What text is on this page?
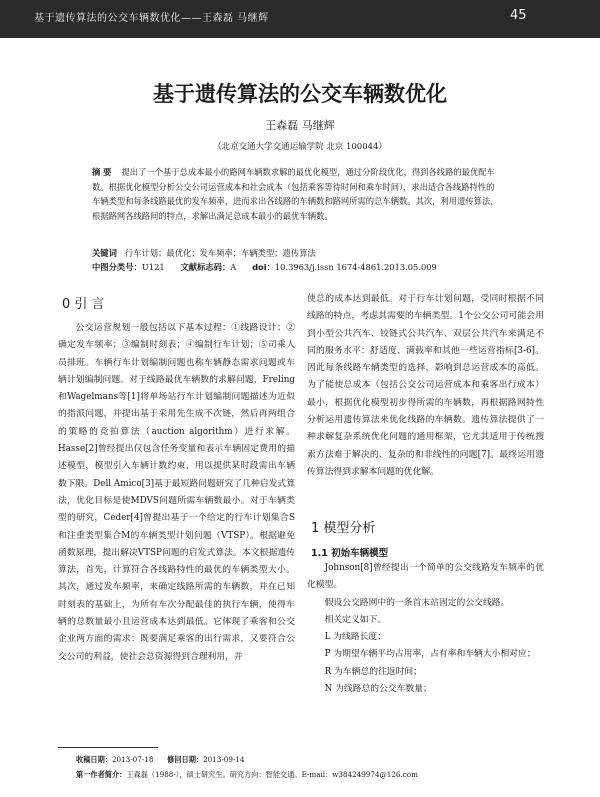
基于遗传算法的公交车辆数优化——王森磊 马继辉	45
基于遗传算法的公交车辆数优化
王森磊 马继辉
（北京交通大学交通运输学院 北京 100044）
摘 要 提出了一个基于总成本最小的路网车辆数求解的最优化模型，通过分阶段优化，得到各线路的最优配车数。根据优化模型分析公交公司运营成本和社会成本（包括乘客等待时间和乘车时间），求出适合各线路特性的车辆类型和每条线路最优的发车频率，进而求出各线路的车辆数和路网所需的总车辆数。其次，利用遗传算法，根据路网各线路间的特点，求解出满足总成本最小的最优车辆数。
关键词 行车计划；最优化；发车频率；车辆类型；遗传算法
中图分类号：U121 文献标志码：A doi：10.3963/j.issn 1674-4861.2013.05.009
0 引 言

公交运营规划一般包括以下基本过程：①线路设计；②确定发车频率；③编制时刻表；④编制行车计划；⑤司乘人员排班。车辆行车计划编制问题也称车辆静态需求问题或车辆计划编制问题。对于线路最优车辆数的求解问题，Freling和Wagelmans等[1]将单场站行车计划编制问题描述为近似的指派问题，并提出基于采用先生成不次链，然后再两组合的策略的竞拍算法（auction algorithm）进行求解。Hasse[2]曾经提出仅包含任务变量和表示车辆固定费用的描述模型，模型引入车辆计数约束，用以提供某时段需出车辆数下限。Dell Amico[3]基于最短路问题研究了几种启发式算法，优化目标是使MDVS问题所需车辆数最小。对于车辆类型的研究，Ceder[4]曾提出基于一个给定的行车计划集合S和注重类型集合M的车辆类型计划问题（VTSP）。根据避免函数原理，提出解决VTSP问题的启发式算法。本文根据遗传算法，首先，计算符合各线路特性的最优的车辆类型大小。其次，通过发车频率，来确定线路所需的车辆数，并在已知时刻表的基础上，为所有车次分配最佳的执行车辆，使得车辆的总数量最小且运营成本达到最低。它体现了乘客和公交企业两方面的需求：既要满足乘客的出行需求，又要符合公交公司的利益，使社会总资源得到合理利用，并

使总的成本达到最低。对于行车计划问题，受同时根据不同线路的特点，考虑其需要的车辆类型。1个公交公司可能会用到小型公共汽车、铰链式公共汽车、双层公共汽车来满足不同的服务水平：舒适度、满载率和其他一些运营指标[3-6]。因此每条线路车辆类型的选择，影响到总运营成本的高低。为了能使总成本（包括公交公司运营成本和乘客出行成本）最小，根据优化模型初步得所需的车辆数，再根据路网特性分析运用遗传算法来优化线路的车辆数。遗传算法提供了一种求解复杂系统优化问题的通用框架，它尤其适用于传统搜索方法难于解决的、复杂的和非线性的问题[7]。最终运用遗传算法得到求解本问题的优化解。

1 模型分析
1.1 初始车辆模型

Johnson[8]曾经提出一个简单的公交线路发车频率的优化模型。

假设公交路网中的一条首末站固定的公交线路。

相关定义如下。

L 为线路长度；

P 为期望车辆平均占用率，占有率和车辆大小相对应；

R 为车辆总的往返时间；

N 为线路总的公交车数量；

收稿日期：2013-07-18 修回日期：2013-09-14
第一作者简介：王森磊（1988-），硕士研究生。研究方向：智能交通。E-mail：w384249974@126.com
